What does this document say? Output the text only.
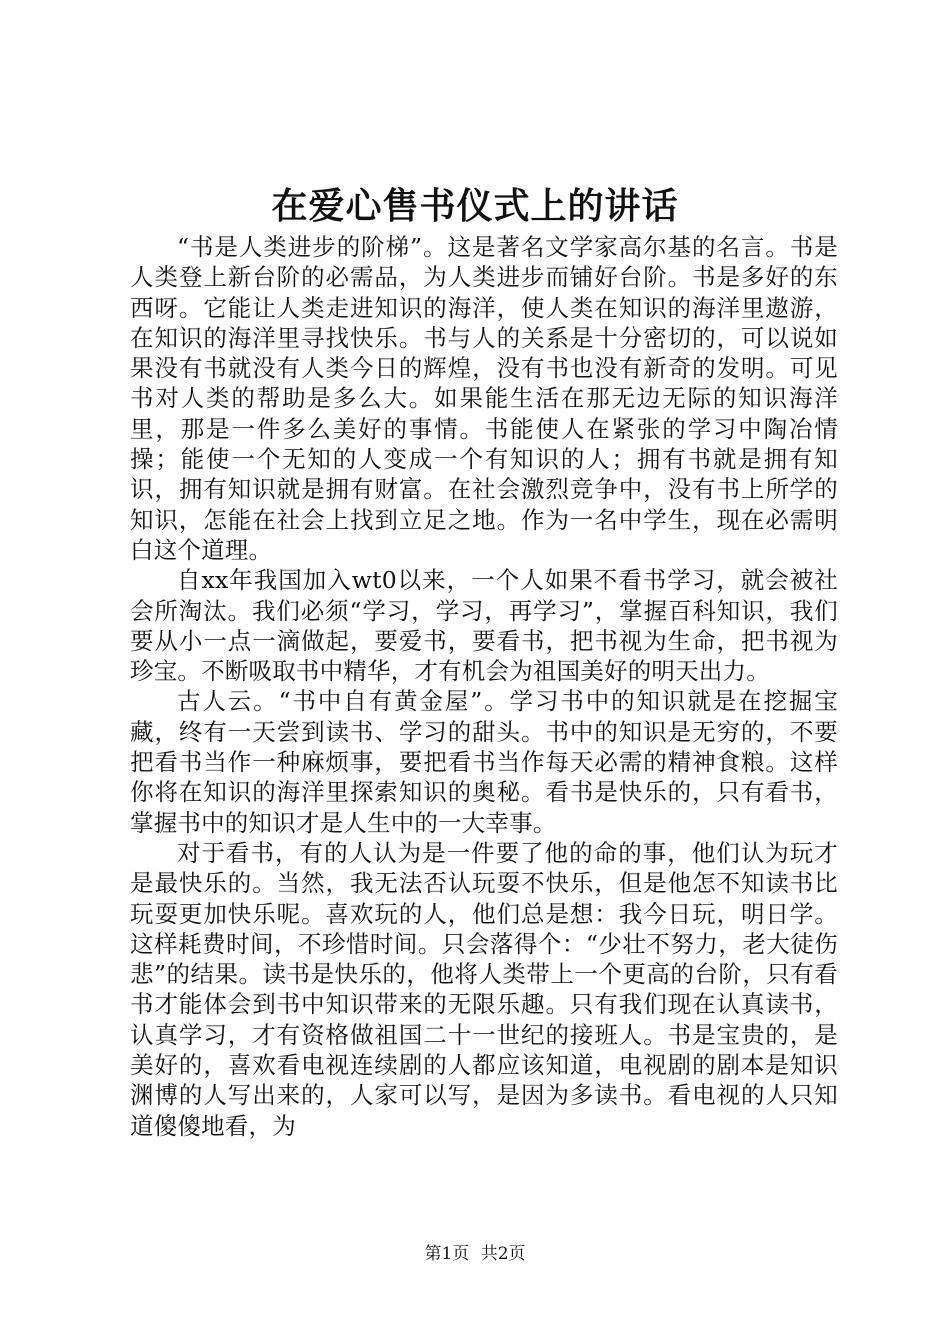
在爱心售书仪式上的讲话

“书是人类进步的阶梯”。这是著名文学家高尔基的名言。书是人类登上新台阶的必需品，为人类进步而铺好台阶。书是多好的东西呀。它能让人类走进知识的海洋，使人类在知识的海洋里遨游，在知识的海洋里寻找快乐。书与人的关系是十分密切的，可以说如果没有书就没有人类今日的辉煌，没有书也没有新奇的发明。可见书对人类的帮助是多么大。如果能生活在那无边无际的知识海洋里，那是一件多么美好的事情。书能使人在紧张的学习中陶冶情操；能使一个无知的人变成一个有知识的人；拥有书就是拥有知识，拥有知识就是拥有财富。在社会激烈竞争中，没有书上所学的知识，怎能在社会上找到立足之地。作为一名中学生，现在必需明白这个道理。

自xx年我国加入wt0以来，一个人如果不看书学习，就会被社会所淘汰。我们必须“学习，学习，再学习”，掌握百科知识，我们要从小一点一滴做起，要爱书，要看书，把书视为生命，把书视为珍宝。不断吸取书中精华，才有机会为祖国美好的明天出力。

古人云。“书中自有黄金屋”。学习书中的知识就是在挖掘宝藏，终有一天尝到读书、学习的甜头。书中的知识是无穷的，不要把看书当作一种麻烦事，要把看书当作每天必需的精神食粮。这样你将在知识的海洋里探索知识的奥秘。看书是快乐的，只有看书，掌握书中的知识才是人生中的一大幸事。

对于看书，有的人认为是一件要了他的命的事，他们认为玩才是最快乐的。当然，我无法否认玩耍不快乐，但是他怎不知读书比玩耍更加快乐呢。喜欢玩的人，他们总是想：我今日玩，明日学。这样耗费时间，不珍惜时间。只会落得个：“少壮不努力，老大徒伤悲”的结果。读书是快乐的，他将人类带上一个更高的台阶，只有看书才能体会到书中知识带来的无限乐趣。只有我们现在认真读书，认真学习，才有资格做祖国二十一世纪的接班人。书是宝贵的，是美好的，喜欢看电视连续剧的人都应该知道，电视剧的剧本是知识渊博的人写出来的，人家可以写，是因为多读书。看电视的人只知道傻傻地看，为

第1页 共2页
